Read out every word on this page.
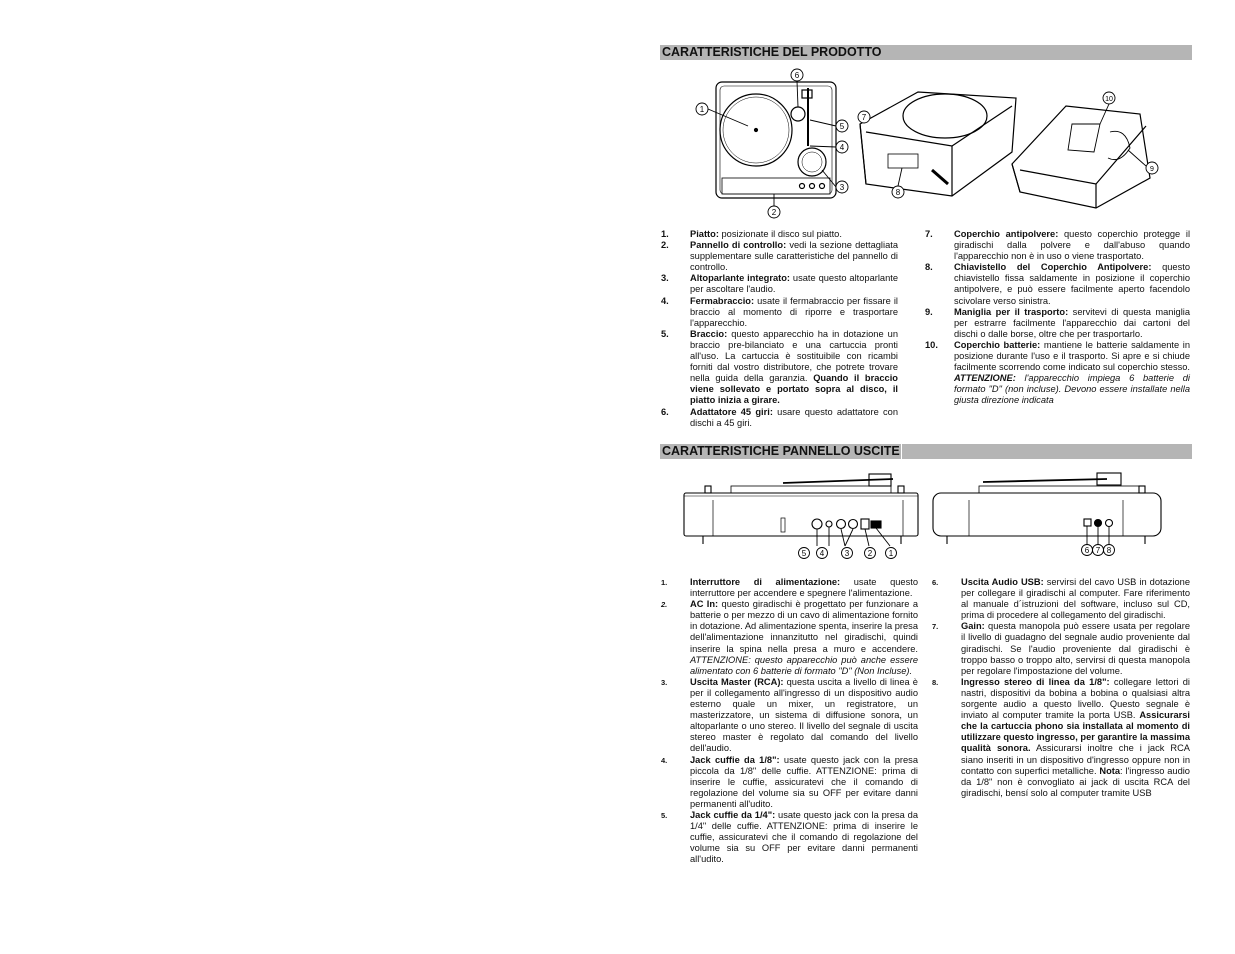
CARATTERISTICHE DEL PRODOTTO
1
2
3
4
5
6
7
8
10
9
1.	Piatto: posizionate il disco sul piatto.
2.	Pannello di controllo: vedi la sezione dettagliata supplementare sulle caratteristiche del pannello di controllo.
3.	Altoparlante integrato: usate questo altoparlante per ascoltare l'audio.
4.	Fermabraccio: usate il fermabraccio per fissare il braccio al momento di riporre e trasportare l'apparecchio.
5.	Braccio: questo apparecchio ha in dotazione un braccio pre-bilanciato e una cartuccia pronti all'uso. La cartuccia è sostituibile con ricambi forniti dal vostro distributore, che potrete trovare nella guida della garanzia. Quando il braccio viene sollevato e portato sopra al disco, il piatto inizia a girare.
6.	Adattatore 45 giri: usare questo adattatore con dischi a 45 giri.
7.	Coperchio antipolvere: questo coperchio protegge il giradischi dalla polvere e dall'abuso quando l'apparecchio non è in uso o viene trasportato.
8.	Chiavistello del Coperchio Antipolvere: questo chiavistello fissa saldamente in posizione il coperchio antipolvere, e può essere facilmente aperto facendolo scivolare verso sinistra.
9.	Maniglia per il trasporto: servitevi di questa maniglia per estrarre facilmente l'apparecchio dai cartoni del dischi o dalle borse, oltre che per trasportarlo.
10.	Coperchio batterie: mantiene le batterie saldamente in posizione durante l'uso e il trasporto. Si apre e si chiude facilmente scorrendo come indicato sul coperchio stesso. ATTENZIONE: l'apparecchio impiega 6 batterie di formato "D" (non incluse). Devono essere installate nella giusta direzione indicata
CARATTERISTICHE PANNELLO USCITE
5 4	3 2 1	6 7 8
1.	Interruttore di alimentazione: usate questo interruttore per accendere e spegnere l'alimentazione.
2.	AC In: questo giradischi è progettato per funzionare a batterie o per mezzo di un cavo di alimentazione fornito in dotazione. Ad alimentazione spenta, inserire la presa dell'alimentazione innanzitutto nel giradischi, quindi inserire la spina nella presa a muro e accendere. ATTENZIONE: questo apparecchio può anche essere alimentato con 6 batterie di formato "D" (Non Incluse).
3.	Uscita Master (RCA): questa uscita a livello di linea è per il collegamento all'ingresso di un dispositivo audio esterno quale un mixer, un registratore, un masterizzatore, un sistema di diffusione sonora, un altoparlante o uno stereo. Il livello del segnale di uscita stereo master è regolato dal comando del livello dell'audio.
4.	Jack cuffie da 1/8": usate questo jack con la presa piccola da 1/8" delle cuffie. ATTENZIONE: prima di inserire le cuffie, assicuratevi che il comando di regolazione del volume sia su OFF per evitare danni permanenti all'udito.
5.	Jack cuffie da 1/4": usate questo jack con la presa da 1/4" delle cuffie. ATTENZIONE: prima di inserire le cuffie, assicuratevi che il comando di regolazione del volume sia su OFF per evitare danni permanenti all'udito.
6.	Uscita Audio USB: servirsi del cavo USB in dotazione per collegare il giradischi al computer. Fare riferimento al manuale d´istruzioni del software, incluso sul CD, prima di procedere al collegamento del giradischi.
7.	Gain: questa manopola può essere usata per regolare il livello di guadagno del segnale audio proveniente dal giradischi. Se l'audio proveniente dal giradischi è troppo basso o troppo alto, servirsi di questa manopola per regolare l'impostazione del volume.
8.	Ingresso stereo di linea da 1/8": collegare lettori di nastri, dispositivi da bobina a bobina o qualsiasi altra sorgente audio a questo livello. Questo segnale è inviato al computer tramite la porta USB. Assicurarsi che la cartuccia phono sia installata al momento di utilizzare questo ingresso, per garantire la massima qualità sonora. Assicurarsi inoltre che i jack RCA siano inseriti in un dispositivo d'ingresso oppure non in contatto con superfici metalliche. Nota: l'ingresso audio da 1/8" non è convogliato ai jack di uscita RCA del giradischi, bensí solo al computer tramite USB
